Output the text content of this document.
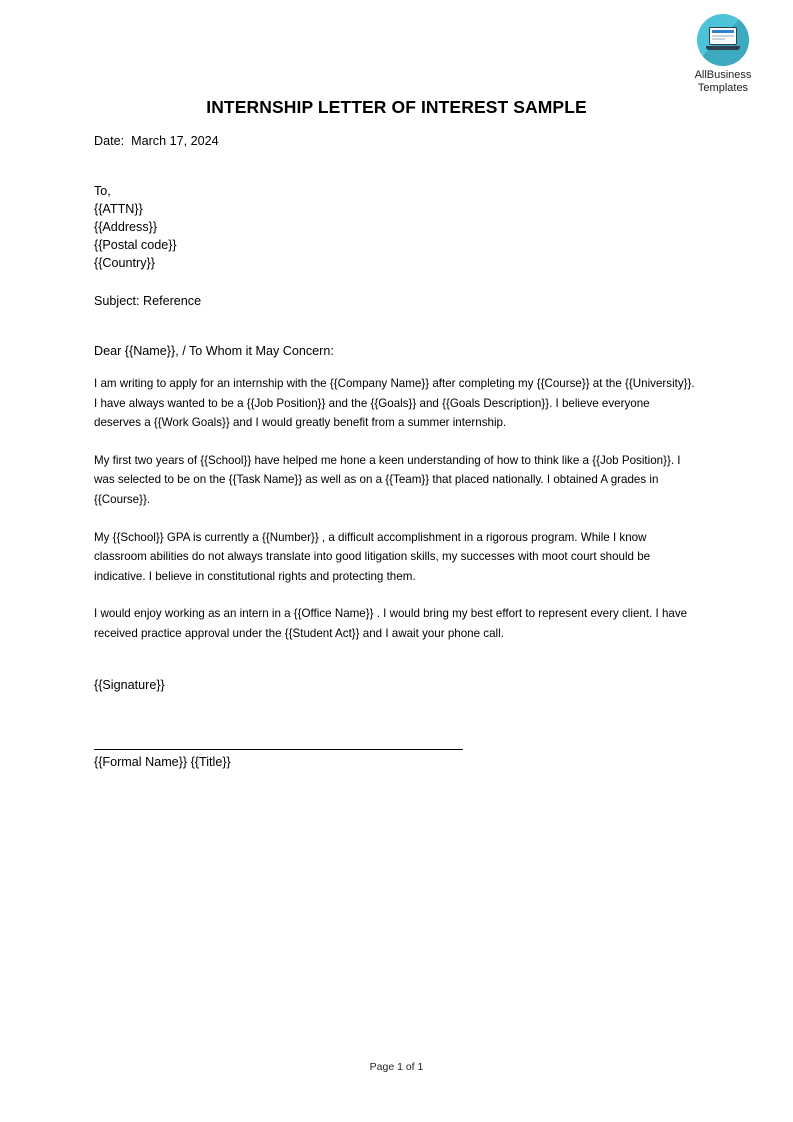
AllBusiness
Templates
INTERNSHIP LETTER OF INTEREST SAMPLE
Date:  March 17, 2024
To,
{{ATTN}}
{{Address}}
{{Postal code}}
{{Country}}
Subject: Reference
Dear {{Name}}, / To Whom it May Concern:

I am writing to apply for an internship with the {{Company Name}} after completing my {{Course}} at the {{University}}. I have always wanted to be a {{Job Position}} and the {{Goals}} and {{Goals Description}}. I believe everyone deserves a {{Work Goals}} and I would greatly benefit from a summer internship.

My first two years of {{School}} have helped me hone a keen understanding of how to think like a {{Job Position}}. I was selected to be on the {{Task Name}} as well as on a {{Team}} that placed nationally. I obtained A grades in {{Course}}.

My {{School}} GPA is currently a {{Number}} , a difficult accomplishment in a rigorous program. While I know classroom abilities do not always translate into good litigation skills, my successes with moot court should be indicative. I believe in constitutional rights and protecting them.

I would enjoy working as an intern in a {{Office Name}} . I would bring my best effort to represent every client. I have received practice approval under the {{Student Act}} and I await your phone call.

{{Signature}}
{{Formal Name}} {{Title}}
Page 1 of 1
